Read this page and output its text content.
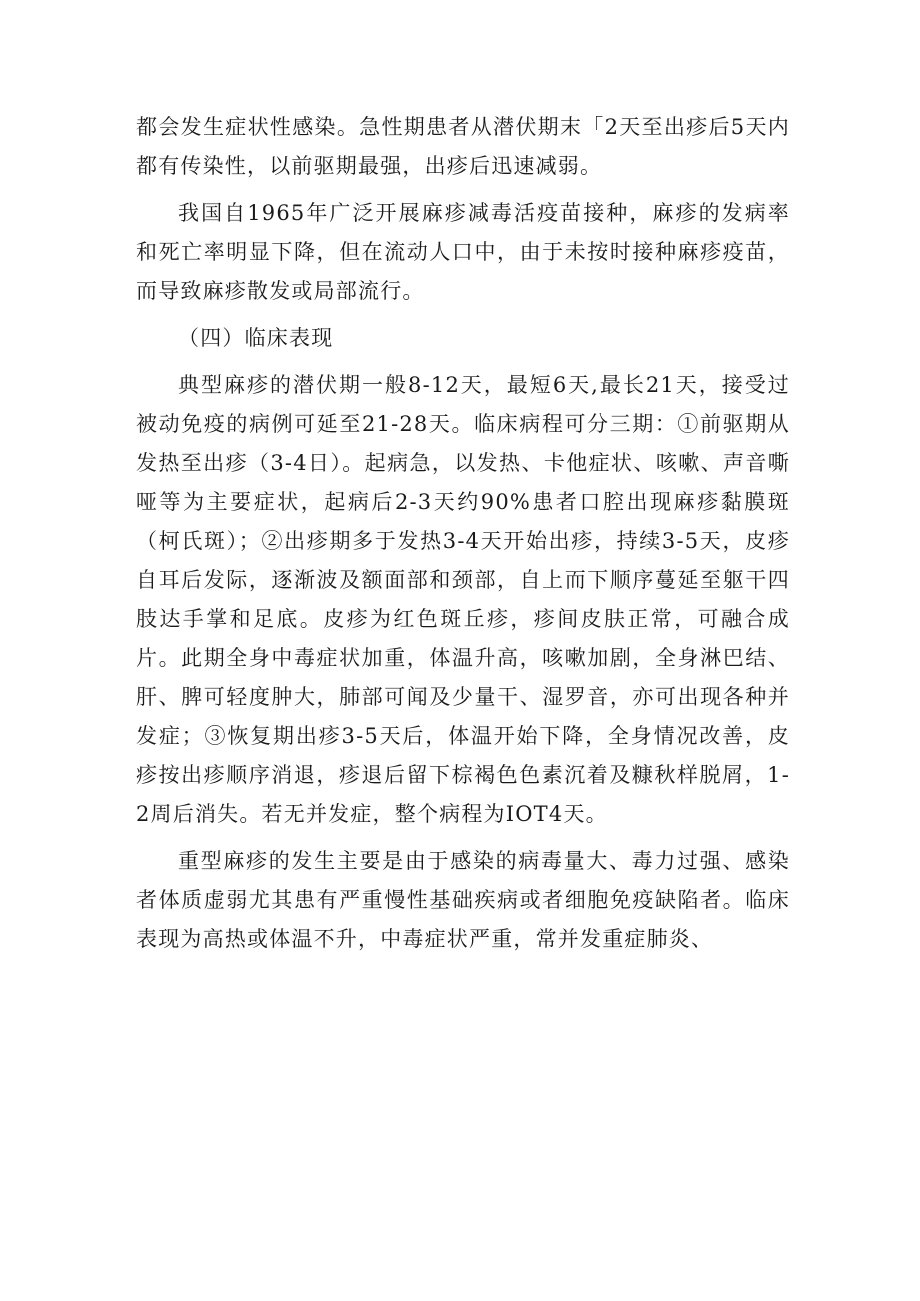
都会发生症状性感染。急性期患者从潜伏期末「2天至出疹后5天内都有传染性，以前驱期最强，出疹后迅速减弱。

我国自1965年广泛开展麻疹减毒活疫苗接种，麻疹的发病率和死亡率明显下降，但在流动人口中，由于未按时接种麻疹疫苗，而导致麻疹散发或局部流行。

（四）临床表现

典型麻疹的潜伏期一般8-12天，最短6天,最长21天，接受过被动免疫的病例可延至21-28天。临床病程可分三期：①前驱期从发热至出疹（3-4日）。起病急，以发热、卡他症状、咳嗽、声音嘶哑等为主要症状，起病后2-3天约90%患者口腔出现麻疹黏膜斑（柯氏斑）；②出疹期多于发热3-4天开始出疹，持续3-5天，皮疹自耳后发际，逐渐波及额面部和颈部，自上而下顺序蔓延至躯干四肢达手掌和足底。皮疹为红色斑丘疹，疹间皮肤正常，可融合成片。此期全身中毒症状加重，体温升高，咳嗽加剧，全身淋巴结、肝、脾可轻度肿大，肺部可闻及少量干、湿罗音，亦可出现各种并发症；③恢复期出疹3-5天后，体温开始下降，全身情况改善，皮疹按出疹顺序消退，疹退后留下棕褐色色素沉着及糠秋样脱屑，1-2周后消失。若无并发症，整个病程为IOT4天。

重型麻疹的发生主要是由于感染的病毒量大、毒力过强、感染者体质虚弱尤其患有严重慢性基础疾病或者细胞免疫缺陷者。临床表现为高热或体温不升，中毒症状严重，常并发重症肺炎、
